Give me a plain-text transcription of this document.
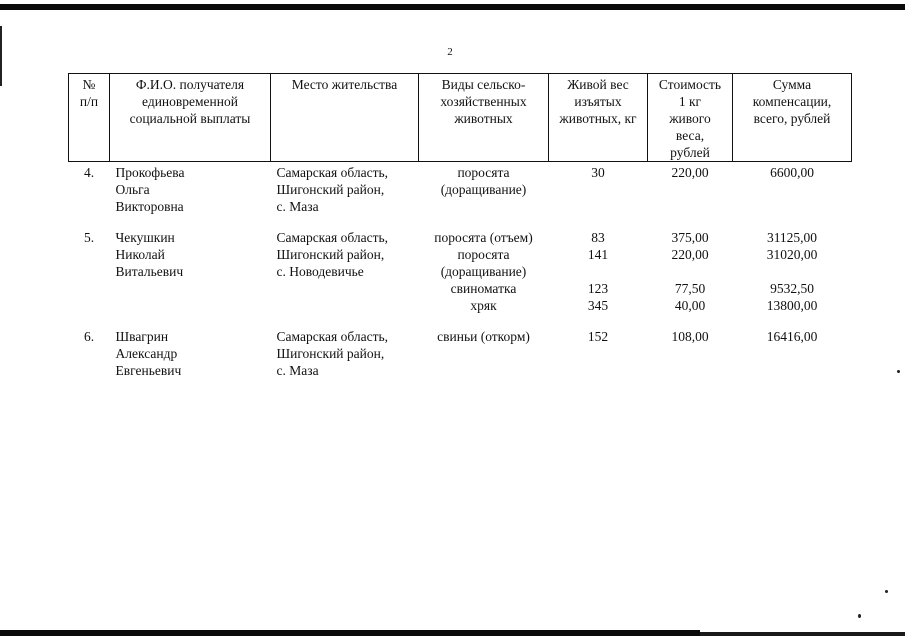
2
№
п/п	Ф.И.О. получателя
единовременной
социальной выплаты	Место жительства	Виды сельско-
хозяйственных
животных	Живой вес
изъятых
животных, кг	Стоимость
1 кг
живого
веса,
рублей	Сумма
компенсации,
всего, рублей
4.	Прокофьева
Ольга
Викторовна	Самарская область,
Шигонский район,
с. Маза	поросята
(доращивание)	30	220,00	6600,00

5.	Чекушкин
Николай
Витальевич	Самарская область,
Шигонский район,
с. Новодевичье	поросята (отъем)	83	375,00	31125,00
			поросята
(доращивание)	141	220,00	31020,00
			свиноматка	123	77,50	9532,50
			хряк	345	40,00	13800,00

6.	Швагрин
Александр
Евгеньевич	Самарская область,
Шигонский район,
с. Маза	свиньи (откорм)	152	108,00	16416,00
